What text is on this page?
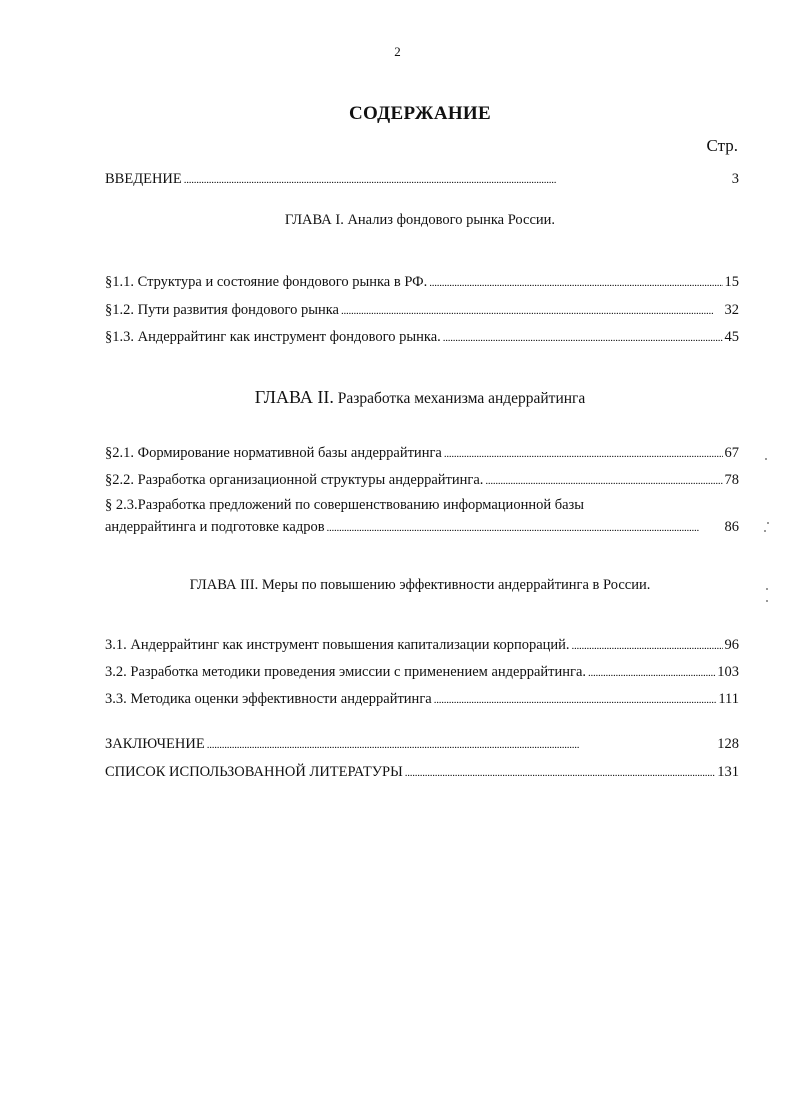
2
СОДЕРЖАНИЕ
Стр.
ВВЕДЕНИЕ . . .	3
ГЛАВА I. Анализ фондового рынка России.
§1.1. Структура и состояние фондового рынка в РФ. . . .	15
§1.2. Пути развития фондового рынка . . .	32
§1.3. Андеррайтинг как инструмент фондового рынка. . . .	45
ГЛАВА II. Разработка механизма андеррайтинга
§2.1. Формирование нормативной базы андеррайтинга . . .	67
§2.2. Разработка организационной структуры андеррайтинга. . . .	78
§ 2.3.Разработка предложений по совершенствованию информационной базы
андеррайтинга и подготовке кадров . . .	86
ГЛАВА III. Меры по повышению эффективности андеррайтинга в России.
3.1. Андеррайтинг как инструмент повышения капитализации корпораций. . . .	96
3.2. Разработка методики проведения эмиссии с применением андеррайтинга. . . .	103
3.3. Методика оценки эффективности андеррайтинга . . .	111
ЗАКЛЮЧЕНИЕ . . .	128
СПИСОК ИСПОЛЬЗОВАННОЙ ЛИТЕРАТУРЫ . . .	131
